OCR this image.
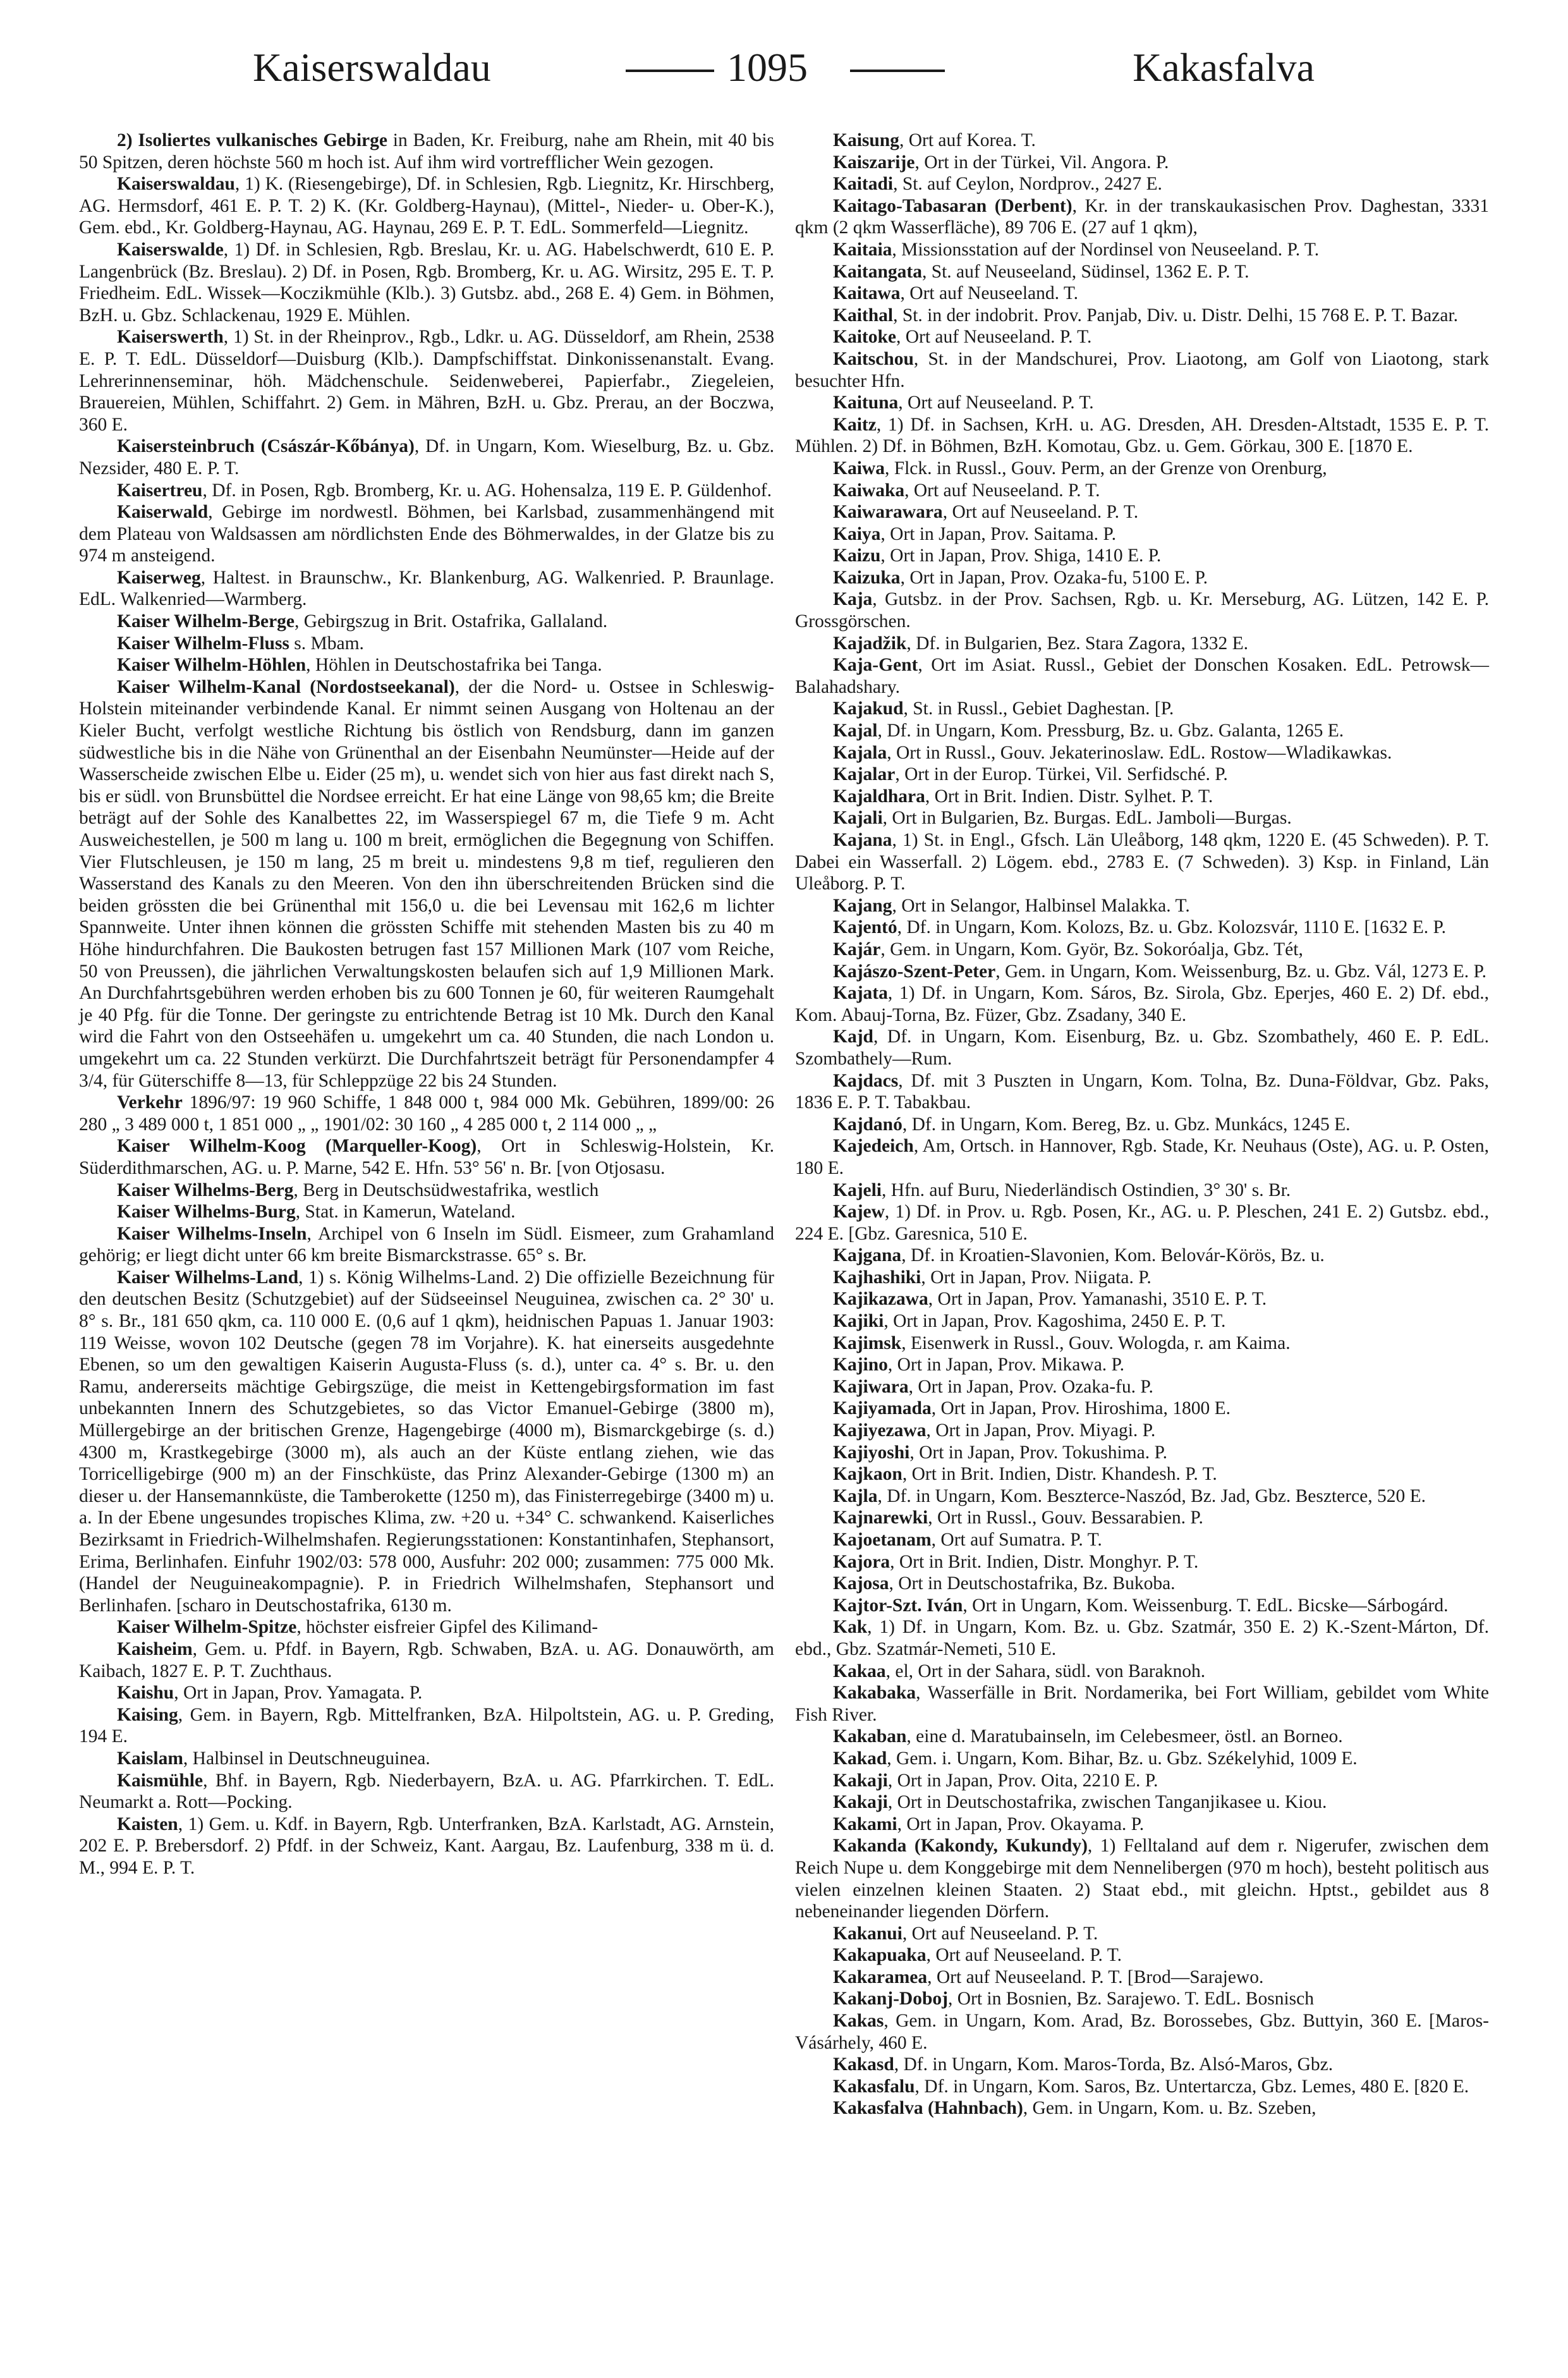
Kaiserswaldau	1095	Kakasfalva

2) Isoliertes vulkanisches Gebirge in Baden, Kr. Freiburg, nahe am Rhein, mit 40 bis 50 Spitzen, deren höchste 560 m hoch ist. Auf ihm wird vortrefflicher Wein gezogen.

Kaiserswaldau, 1) K. (Riesengebirge), Df. in Schlesien, Rgb. Liegnitz, Kr. Hirschberg, AG. Hermsdorf, 461 E. P. T. 2) K. (Kr. Goldberg-Haynau), (Mittel-, Nieder- u. Ober-K.), Gem. ebd., Kr. Goldberg-Haynau, AG. Haynau, 269 E. P. T. EdL. Sommerfeld—Liegnitz.

Kaiserswalde, 1) Df. in Schlesien, Rgb. Breslau, Kr. u. AG. Habelschwerdt, 610 E. P. Langenbrück (Bz. Breslau). 2) Df. in Posen, Rgb. Bromberg, Kr. u. AG. Wirsitz, 295 E. T. P. Friedheim. EdL. Wissek—Koczikmühle (Klb.). 3) Gutsbz. abd., 268 E. 4) Gem. in Böhmen, BzH. u. Gbz. Schlackenau, 1929 E. Mühlen.

Kaiserswerth, 1) St. in der Rheinprov., Rgb., Ldkr. u. AG. Düsseldorf, am Rhein, 2538 E. P. T. EdL. Düsseldorf—Duisburg (Klb.). Dampfschiffstat. Dinkonissenanstalt. Evang. Lehrerinnenseminar, höh. Mädchenschule. Seidenweberei, Papierfabr., Ziegeleien, Brauereien, Mühlen, Schiffahrt. 2) Gem. in Mähren, BzH. u. Gbz. Prerau, an der Boczwa, 360 E.

Kaisersteinbruch (Császár-Kőbánya), Df. in Ungarn, Kom. Wieselburg, Bz. u. Gbz. Nezsider, 480 E. P. T.

Kaisertreu, Df. in Posen, Rgb. Bromberg, Kr. u. AG. Hohensalza, 119 E. P. Güldenhof.

Kaiserwald, Gebirge im nordwestl. Böhmen, bei Karlsbad, zusammenhängend mit dem Plateau von Waldsassen am nördlichsten Ende des Böhmerwaldes, in der Glatze bis zu 974 m ansteigend.

Kaiserweg, Haltest. in Braunschw., Kr. Blankenburg, AG. Walkenried. P. Braunlage. EdL. Walkenried—Warmberg.

Kaiser Wilhelm-Berge, Gebirgszug in Brit. Ostafrika, Gallaland.

Kaiser Wilhelm-Fluss s. Mbam.

Kaiser Wilhelm-Höhlen, Höhlen in Deutschostafrika bei Tanga.

Kaiser Wilhelm-Kanal (Nordostseekanal), der die Nord- u. Ostsee in Schleswig-Holstein miteinander verbindende Kanal. Er nimmt seinen Ausgang von Holtenau an der Kieler Bucht, verfolgt westliche Richtung bis östlich von Rendsburg, dann im ganzen südwestliche bis in die Nähe von Grünenthal an der Eisenbahn Neumünster—Heide auf der Wasserscheide zwischen Elbe u. Eider (25 m), u. wendet sich von hier aus fast direkt nach S, bis er südl. von Brunsbüttel die Nordsee erreicht. Er hat eine Länge von 98,65 km; die Breite beträgt auf der Sohle des Kanalbettes 22, im Wasserspiegel 67 m, die Tiefe 9 m. Acht Ausweichestellen, je 500 m lang u. 100 m breit, ermöglichen die Begegnung von Schiffen. Vier Flutschleusen, je 150 m lang, 25 m breit u. mindestens 9,8 m tief, regulieren den Wasserstand des Kanals zu den Meeren. Von den ihn überschreitenden Brücken sind die beiden grössten die bei Grünenthal mit 156,0 u. die bei Levensau mit 162,6 m lichter Spannweite. Unter ihnen können die grössten Schiffe mit stehenden Masten bis zu 40 m Höhe hindurchfahren. Die Baukosten betrugen fast 157 Millionen Mark (107 vom Reiche, 50 von Preussen), die jährlichen Verwaltungskosten belaufen sich auf 1,9 Millionen Mark. An Durchfahrtsgebühren werden erhoben bis zu 600 Tonnen je 60, für weiteren Raumgehalt je 40 Pfg. für die Tonne. Der geringste zu entrichtende Betrag ist 10 Mk. Durch den Kanal wird die Fahrt von den Ostseehäfen u. umgekehrt um ca. 40 Stunden, die nach London u. umgekehrt um ca. 22 Stunden verkürzt. Die Durchfahrtszeit beträgt für Personendampfer 4 3/4, für Güterschiffe 8—13, für Schleppzüge 22 bis 24 Stunden.

Verkehr 1896/97: 19 960 Schiffe, 1 848 000 t, 984 000 Mk. Gebühren, 1899/00: 26 280 „ 3 489 000 t, 1 851 000 „ „ 1901/02: 30 160 „ 4 285 000 t, 2 114 000 „ „

Kaiser Wilhelm-Koog (Marqueller-Koog), Ort in Schleswig-Holstein, Kr. Süderdithmarschen, AG. u. P. Marne, 542 E. Hfn. 53° 56' n. Br. [von Otjosasu.

Kaiser Wilhelms-Berg, Berg in Deutschsüdwestafrika, westlich

Kaiser Wilhelms-Burg, Stat. in Kamerun, Wateland.

Kaiser Wilhelms-Inseln, Archipel von 6 Inseln im Südl. Eismeer, zum Grahamland gehörig; er liegt dicht unter 66 km breite Bismarckstrasse. 65° s. Br.

Kaiser Wilhelms-Land, 1) s. König Wilhelms-Land. 2) Die offizielle Bezeichnung für den deutschen Besitz (Schutzgebiet) auf der Südseeinsel Neuguinea, zwischen ca. 2° 30' u. 8° s. Br., 181 650 qkm, ca. 110 000 E. (0,6 auf 1 qkm), heidnischen Papuas 1. Januar 1903: 119 Weisse, wovon 102 Deutsche (gegen 78 im Vorjahre). K. hat einerseits ausgedehnte Ebenen, so um den gewaltigen Kaiserin Augusta-Fluss (s. d.), unter ca. 4° s. Br. u. den Ramu, andererseits mächtige Gebirgszüge, die meist in Kettengebirgsformation im fast unbekannten Innern des Schutzgebietes, so das Victor Emanuel-Gebirge (3800 m), Müllergebirge an der britischen Grenze, Hagengebirge (4000 m), Bismarckgebirge (s. d.) 4300 m, Krastkegebirge (3000 m), als auch an der Küste entlang ziehen, wie das Torricelligebirge (900 m) an der Finschküste, das Prinz Alexander-Gebirge (1300 m) an dieser u. der Hansemannküste, die Tamberokette (1250 m), das Finisterregebirge (3400 m) u. a. In der Ebene ungesundes tropisches Klima, zw. +20 u. +34° C. schwankend. Kaiserliches Bezirksamt in Friedrich-Wilhelmshafen. Regierungsstationen: Konstantinhafen, Stephansort, Erima, Berlinhafen. Einfuhr 1902/03: 578 000, Ausfuhr: 202 000; zusammen: 775 000 Mk. (Handel der Neuguineakompagnie). P. in Friedrich Wilhelmshafen, Stephansort und Berlinhafen. [scharo in Deutschostafrika, 6130 m.

Kaiser Wilhelm-Spitze, höchster eisfreier Gipfel des Kilimand-

Kaisheim, Gem. u. Pfdf. in Bayern, Rgb. Schwaben, BzA. u. AG. Donauwörth, am Kaibach, 1827 E. P. T. Zuchthaus.

Kaishu, Ort in Japan, Prov. Yamagata. P.

Kaising, Gem. in Bayern, Rgb. Mittelfranken, BzA. Hilpoltstein, AG. u. P. Greding, 194 E.

Kaislam, Halbinsel in Deutschneuguinea.

Kaismühle, Bhf. in Bayern, Rgb. Niederbayern, BzA. u. AG. Pfarrkirchen. T. EdL. Neumarkt a. Rott—Pocking.

Kaisten, 1) Gem. u. Kdf. in Bayern, Rgb. Unterfranken, BzA. Karlstadt, AG. Arnstein, 202 E. P. Brebersdorf. 2) Pfdf. in der Schweiz, Kant. Aargau, Bz. Laufenburg, 338 m ü. d. M., 994 E. P. T.

Kaisung, Ort auf Korea. T.

Kaiszarije, Ort in der Türkei, Vil. Angora. P.

Kaitadi, St. auf Ceylon, Nordprov., 2427 E.

Kaitago-Tabasaran (Derbent), Kr. in der transkaukasischen Prov. Daghestan, 3331 qkm (2 qkm Wasserfläche), 89 706 E. (27 auf 1 qkm),

Kaitaia, Missionsstation auf der Nordinsel von Neuseeland. P. T.

Kaitangata, St. auf Neuseeland, Südinsel, 1362 E. P. T.

Kaitawa, Ort auf Neuseeland. T.

Kaithal, St. in der indobrit. Prov. Panjab, Div. u. Distr. Delhi, 15 768 E. P. T. Bazar.

Kaitoke, Ort auf Neuseeland. P. T.

Kaitschou, St. in der Mandschurei, Prov. Liaotong, am Golf von Liaotong, stark besuchter Hfn.

Kaituna, Ort auf Neuseeland. P. T.

Kaitz, 1) Df. in Sachsen, KrH. u. AG. Dresden, AH. Dresden-Altstadt, 1535 E. P. T. Mühlen. 2) Df. in Böhmen, BzH. Komotau, Gbz. u. Gem. Görkau, 300 E. [1870 E.

Kaiwa, Flck. in Russl., Gouv. Perm, an der Grenze von Orenburg,

Kaiwaka, Ort auf Neuseeland. P. T.

Kaiwarawara, Ort auf Neuseeland. P. T.

Kaiya, Ort in Japan, Prov. Saitama. P.

Kaizu, Ort in Japan, Prov. Shiga, 1410 E. P.

Kaizuka, Ort in Japan, Prov. Ozaka-fu, 5100 E. P.

Kaja, Gutsbz. in der Prov. Sachsen, Rgb. u. Kr. Merseburg, AG. Lützen, 142 E. P. Grossgörschen.

Kajadžik, Df. in Bulgarien, Bez. Stara Zagora, 1332 E.

Kaja-Gent, Ort im Asiat. Russl., Gebiet der Donschen Kosaken. EdL. Petrowsk—Balahadshary.

Kajakud, St. in Russl., Gebiet Daghestan. [P.

Kajal, Df. in Ungarn, Kom. Pressburg, Bz. u. Gbz. Galanta, 1265 E.

Kajala, Ort in Russl., Gouv. Jekaterinoslaw. EdL. Rostow—Wladikawkas.

Kajalar, Ort in der Europ. Türkei, Vil. Serfidsché. P.

Kajaldhara, Ort in Brit. Indien. Distr. Sylhet. P. T.

Kajali, Ort in Bulgarien, Bz. Burgas. EdL. Jamboli—Burgas.

Kajana, 1) St. in Engl., Gfsch. Län Uleåborg, 148 qkm, 1220 E. (45 Schweden). P. T. Dabei ein Wasserfall. 2) Lögem. ebd., 2783 E. (7 Schweden). 3) Ksp. in Finland, Län Uleåborg. P. T.

Kajang, Ort in Selangor, Halbinsel Malakka. T.

Kajentó, Df. in Ungarn, Kom. Kolozs, Bz. u. Gbz. Kolozsvár, 1110 E. [1632 E. P.

Kajár, Gem. in Ungarn, Kom. Györ, Bz. Sokoróalja, Gbz. Tét,

Kajászo-Szent-Peter, Gem. in Ungarn, Kom. Weissenburg, Bz. u. Gbz. Vál, 1273 E. P.

Kajata, 1) Df. in Ungarn, Kom. Sáros, Bz. Sirola, Gbz. Eperjes, 460 E. 2) Df. ebd., Kom. Abauj-Torna, Bz. Füzer, Gbz. Zsadany, 340 E.

Kajd, Df. in Ungarn, Kom. Eisenburg, Bz. u. Gbz. Szombathely, 460 E. P. EdL. Szombathely—Rum.

Kajdacs, Df. mit 3 Puszten in Ungarn, Kom. Tolna, Bz. Duna-Földvar, Gbz. Paks, 1836 E. P. T. Tabakbau.

Kajdanó, Df. in Ungarn, Kom. Bereg, Bz. u. Gbz. Munkács, 1245 E.

Kajedeich, Am, Ortsch. in Hannover, Rgb. Stade, Kr. Neuhaus (Oste), AG. u. P. Osten, 180 E.

Kajeli, Hfn. auf Buru, Niederländisch Ostindien, 3° 30' s. Br.

Kajew, 1) Df. in Prov. u. Rgb. Posen, Kr., AG. u. P. Pleschen, 241 E. 2) Gutsbz. ebd., 224 E. [Gbz. Garesnica, 510 E.

Kajgana, Df. in Kroatien-Slavonien, Kom. Belovár-Körös, Bz. u.

Kajhashiki, Ort in Japan, Prov. Niigata. P.

Kajikazawa, Ort in Japan, Prov. Yamanashi, 3510 E. P. T.

Kajiki, Ort in Japan, Prov. Kagoshima, 2450 E. P. T.

Kajimsk, Eisenwerk in Russl., Gouv. Wologda, r. am Kaima.

Kajino, Ort in Japan, Prov. Mikawa. P.

Kajiwara, Ort in Japan, Prov. Ozaka-fu. P.

Kajiyamada, Ort in Japan, Prov. Hiroshima, 1800 E.

Kajiyezawa, Ort in Japan, Prov. Miyagi. P.

Kajiyoshi, Ort in Japan, Prov. Tokushima. P.

Kajkaon, Ort in Brit. Indien, Distr. Khandesh. P. T.

Kajla, Df. in Ungarn, Kom. Beszterce-Naszód, Bz. Jad, Gbz. Beszterce, 520 E.

Kajnarewki, Ort in Russl., Gouv. Bessarabien. P.

Kajoetanam, Ort auf Sumatra. P. T.

Kajora, Ort in Brit. Indien, Distr. Monghyr. P. T.

Kajosa, Ort in Deutschostafrika, Bz. Bukoba.

Kajtor-Szt. Iván, Ort in Ungarn, Kom. Weissenburg. T. EdL. Bicske—Sárbogárd.

Kak, 1) Df. in Ungarn, Kom. Bz. u. Gbz. Szatmár, 350 E. 2) K.-Szent-Márton, Df. ebd., Gbz. Szatmár-Nemeti, 510 E.

Kakaa, el, Ort in der Sahara, südl. von Baraknoh.

Kakabaka, Wasserfälle in Brit. Nordamerika, bei Fort William, gebildet vom White Fish River.

Kakaban, eine d. Maratubainseln, im Celebesmeer, östl. an Borneo.

Kakad, Gem. i. Ungarn, Kom. Bihar, Bz. u. Gbz. Székelyhid, 1009 E.

Kakaji, Ort in Japan, Prov. Oita, 2210 E. P.

Kakaji, Ort in Deutschostafrika, zwischen Tanganjikasee u. Kiou.

Kakami, Ort in Japan, Prov. Okayama. P.

Kakanda (Kakondy, Kukundy), 1) Felltaland auf dem r. Nigerufer, zwischen dem Reich Nupe u. dem Konggebirge mit dem Nennelibergen (970 m hoch), besteht politisch aus vielen einzelnen kleinen Staaten. 2) Staat ebd., mit gleichn. Hptst., gebildet aus 8 nebeneinander liegenden Dörfern.

Kakanui, Ort auf Neuseeland. P. T.

Kakapuaka, Ort auf Neuseeland. P. T.

Kakaramea, Ort auf Neuseeland. P. T. [Brod—Sarajewo.

Kakanj-Doboj, Ort in Bosnien, Bz. Sarajewo. T. EdL. Bosnisch

Kakas, Gem. in Ungarn, Kom. Arad, Bz. Borossebes, Gbz. Buttyin, 360 E. [Maros-Vásárhely, 460 E.

Kakasd, Df. in Ungarn, Kom. Maros-Torda, Bz. Alsó-Maros, Gbz.

Kakasfalu, Df. in Ungarn, Kom. Saros, Bz. Untertarcza, Gbz. Lemes, 480 E. [820 E.

Kakasfalva (Hahnbach), Gem. in Ungarn, Kom. u. Bz. Szeben,
